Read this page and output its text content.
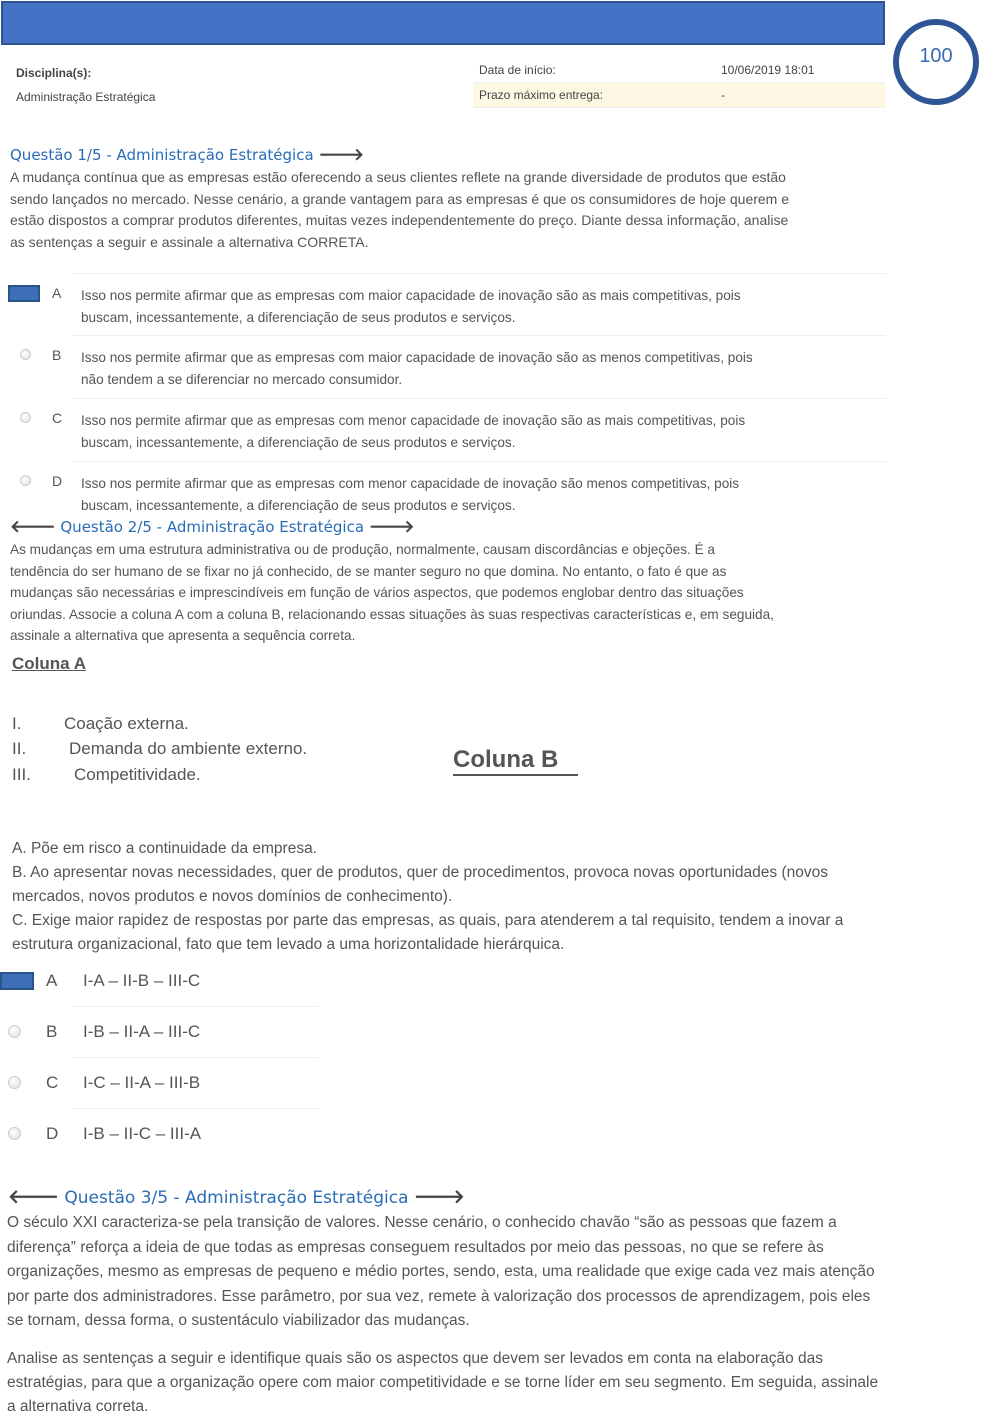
100
Disciplina(s):
Administração Estratégica
Data de início:	10/06/2019 18:01
Prazo máximo entrega:	-
Questão 1/5 - Administração Estratégica 🡒
A mudança contínua que as empresas estão oferecendo a seus clientes reflete na grande diversidade de produtos que estão
sendo lançados no mercado. Nesse cenário, a grande vantagem para as empresas é que os consumidores de hoje querem e
estão dispostos a comprar produtos diferentes, muitas vezes independentemente do preço. Diante dessa informação, analise
as sentenças a seguir e assinale a alternativa CORRETA.
A Isso nos permite afirmar que as empresas com maior capacidade de inovação são as mais competitivas, pois
buscam, incessantemente, a diferenciação de seus produtos e serviços.
B Isso nos permite afirmar que as empresas com maior capacidade de inovação são as menos competitivas, pois
não tendem a se diferenciar no mercado consumidor.
C Isso nos permite afirmar que as empresas com menor capacidade de inovação são as mais competitivas, pois
buscam, incessantemente, a diferenciação de seus produtos e serviços.
D Isso nos permite afirmar que as empresas com menor capacidade de inovação são menos competitivas, pois
buscam, incessantemente, a diferenciação de seus produtos e serviços.
🡐 Questão 2/5 - Administração Estratégica 🡒
As mudanças em uma estrutura administrativa ou de produção, normalmente, causam discordâncias e objeções. É a
tendência do ser humano de se fixar no já conhecido, de se manter seguro no que domina. No entanto, o fato é que as
mudanças são necessárias e imprescindíveis em função de vários aspectos, que podemos englobar dentro das situações
oriundas. Associe a coluna A com a coluna B, relacionando essas situações às suas respectivas características e, em seguida,
assinale a alternativa que apresenta a sequência correta.
Coluna A
I.	Coação externa.
II.	Demanda do ambiente externo.
III.	Competitividade.
Coluna B
A. Põe em risco a continuidade da empresa.
B. Ao apresentar novas necessidades, quer de produtos, quer de procedimentos, provoca novas oportunidades (novos
mercados, novos produtos e novos domínios de conhecimento).
C. Exige maior rapidez de respostas por parte das empresas, as quais, para atenderem a tal requisito, tendem a inovar a
estrutura organizacional, fato que tem levado a uma horizontalidade hierárquica.
A I-A – II-B – III-C
B I-B – II-A – III-C
C I-C – II-A – III-B
D I-B – II-C – III-A
🡐 Questão 3/5 - Administração Estratégica 🡒
O século XXI caracteriza-se pela transição de valores. Nesse cenário, o conhecido chavão “são as pessoas que fazem a
diferença” reforça a ideia de que todas as empresas conseguem resultados por meio das pessoas, no que se refere às
organizações, mesmo as empresas de pequeno e médio portes, sendo, esta, uma realidade que exige cada vez mais atenção
por parte dos administradores. Esse parâmetro, por sua vez, remete à valorização dos processos de aprendizagem, pois eles
se tornam, dessa forma, o sustentáculo viabilizador das mudanças.
Analise as sentenças a seguir e identifique quais são os aspectos que devem ser levados em conta na elaboração das
estratégias, para que a organização opere com maior competitividade e se torne líder em seu segmento. Em seguida, assinale
a alternativa correta.
